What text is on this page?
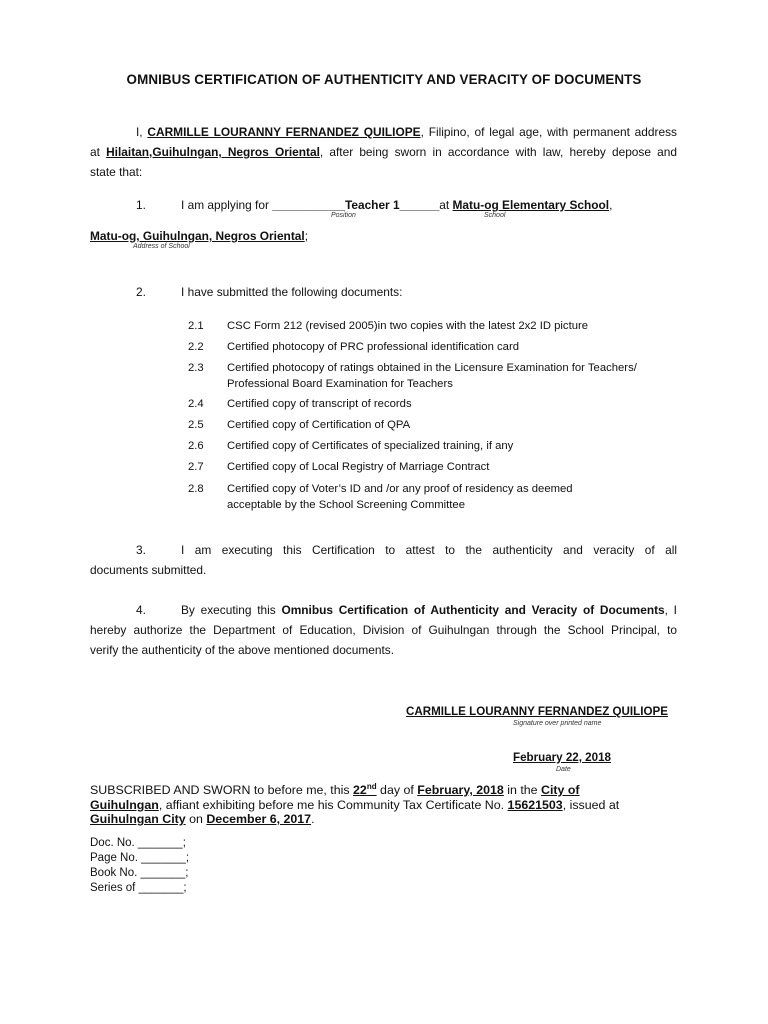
OMNIBUS CERTIFICATION OF AUTHENTICITY AND VERACITY OF DOCUMENTS
I, CARMILLE LOURANNY FERNANDEZ QUILIOPE, Filipino, of legal age, with permanent address
at Hilaitan,Guihulngan, Negros Oriental, after being sworn in accordance with law, hereby depose and
state that:
1.	I am applying for ___________Teacher 1______at Matu-og Elementary School,
Position	School
Matu-og, Guihulngan, Negros Oriental;
Address of School
2.	I have submitted the following documents:
2.1	CSC Form 212 (revised 2005)in two copies with the latest 2x2 ID picture
2.2	Certified photocopy of PRC professional identification card
2.3	Certified photocopy of ratings obtained in the Licensure Examination for Teachers/ Professional Board Examination for Teachers
2.4	Certified copy of transcript of records
2.5	Certified copy of Certification of QPA
2.6	Certified copy of Certificates of specialized training, if any
2.7	Certified copy of Local Registry of Marriage Contract
2.8	Certified copy of Voter’s ID and /or any proof of residency as deemed acceptable by the School Screening Committee
3.	I am executing this Certification to attest to the authenticity and veracity of all
documents submitted.
4.	By executing this Omnibus Certification of Authenticity and Veracity of Documents, I
hereby authorize the Department of Education, Division of Guihulngan through the School Principal, to
verify the authenticity of the above mentioned documents.
CARMILLE LOURANNY FERNANDEZ QUILIOPE
Signature over printed name
February 22, 2018
Date
SUBSCRIBED AND SWORN to before me, this 22nd day of February, 2018 in the City of
Guihulngan, affiant exhibiting before me his Community Tax Certificate No. 15621503, issued at
Guihulngan City on December 6, 2017.
Doc. No. _______;
Page No. _______;
Book No. _______;
Series of _______;
